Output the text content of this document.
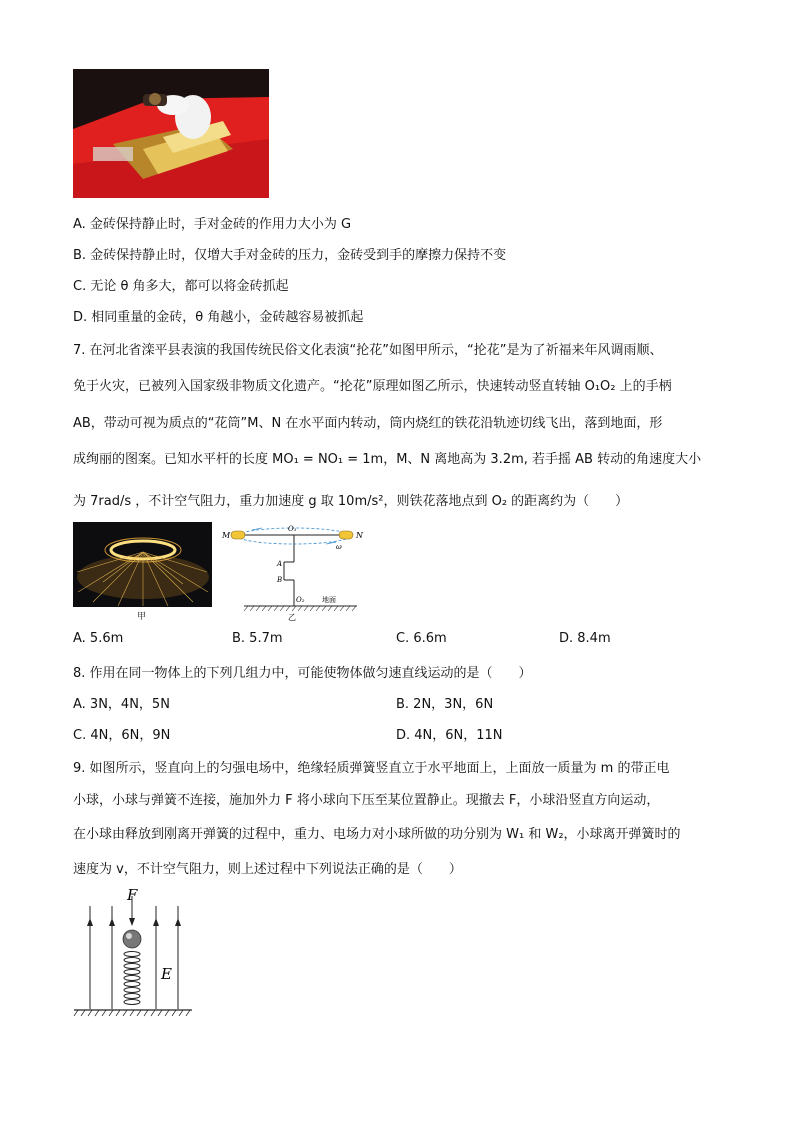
A. 金砖保持静止时，手对金砖的作用力大小为 G
B. 金砖保持静止时，仅增大手对金砖的压力，金砖受到手的摩擦力保持不变
C. 无论 θ 角多大，都可以将金砖抓起
D. 相同重量的金砖，θ 角越小，金砖越容易被抓起
7. 在河北省滦平县表演的我国传统民俗文化表演“抡花”如图甲所示，“抡花”是为了祈福来年风调雨顺、
免于火灾，已被列入国家级非物质文化遗产。“抡花”原理如图乙所示，快速转动竖直转轴 O₁O₂ 上的手柄
AB，带动可视为质点的“花筒”M、N 在水平面内转动，筒内烧红的铁花沿轨迹切线飞出，落到地面，形
成绚丽的图案。已知水平杆的长度 MO₁ = NO₁ = 1m，M、N 离地高为 3.2m, 若手摇 AB 转动的角速度大小
为 7rad/s ，不计空气阻力，重力加速度 g 取 10m/s²，则铁花落地点到 O₂ 的距离约为（　　）
甲
M	N
O₁
O₂
A
B
ω
地面
乙
A. 5.6m	B. 5.7m	C. 6.6m	D. 8.4m
8. 作用在同一物体上的下列几组力中，可能使物体做匀速直线运动的是（　　）
A. 3N，4N，5N	B. 2N，3N，6N
C. 4N，6N，9N	D. 4N，6N，11N
9. 如图所示，竖直向上的匀强电场中，绝缘轻质弹簧竖直立于水平地面上，上面放一质量为 m 的带正电
小球，小球与弹簧不连接，施加外力 F 将小球向下压至某位置静止。现撤去 F，小球沿竖直方向运动，
在小球由释放到刚离开弹簧的过程中，重力、电场力对小球所做的功分别为 W₁ 和 W₂，小球离开弹簧时的
速度为 v，不计空气阻力，则上述过程中下列说法正确的是（　　）
F
E
